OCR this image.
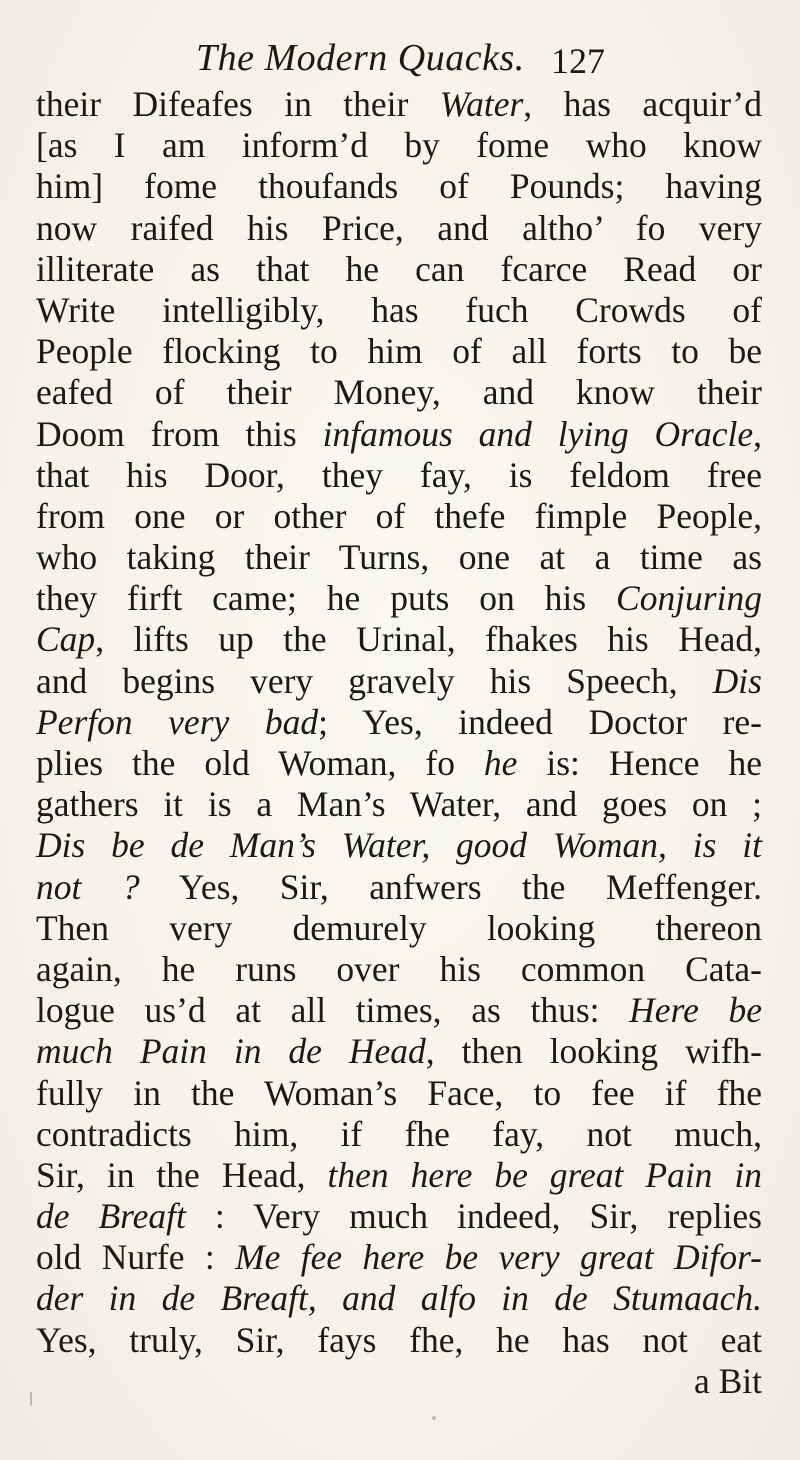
The Modern Quacks. 127
their Difeafes in their Water, has acquir’d
[as I am inform’d by fome who know
him] fome thoufands of Pounds; having
now raifed his Price, and altho’ fo very
illiterate as that he can fcarce Read or
Write intelligibly, has fuch Crowds of
People flocking to him of all forts to be
eafed of their Money, and know their
Doom from this infamous and lying Oracle,
that his Door, they fay, is feldom free
from one or other of thefe fimple People,
who taking their Turns, one at a time as
they firft came; he puts on his Conjuring
Cap, lifts up the Urinal, fhakes his Head,
and begins very gravely his Speech, Dis
Perfon very bad; Yes, indeed Doctor re-
plies the old Woman, fo he is: Hence he
gathers it is a Man’s Water, and goes on ;
Dis be de Man’s Water, good Woman, is it
not ? Yes, Sir, anfwers the Meffenger.
Then very demurely looking thereon
again, he runs over his common Cata-
logue us’d at all times, as thus: Here be
much Pain in de Head, then looking wifh-
fully in the Woman’s Face, to fee if fhe
contradicts him, if fhe fay, not much,
Sir, in the Head, then here be great Pain in
de Breaft : Very much indeed, Sir, replies
old Nurfe : Me fee here be very great Difor-
der in de Breaft, and alfo in de Stumaach.
Yes, truly, Sir, fays fhe, he has not eat
a Bit
